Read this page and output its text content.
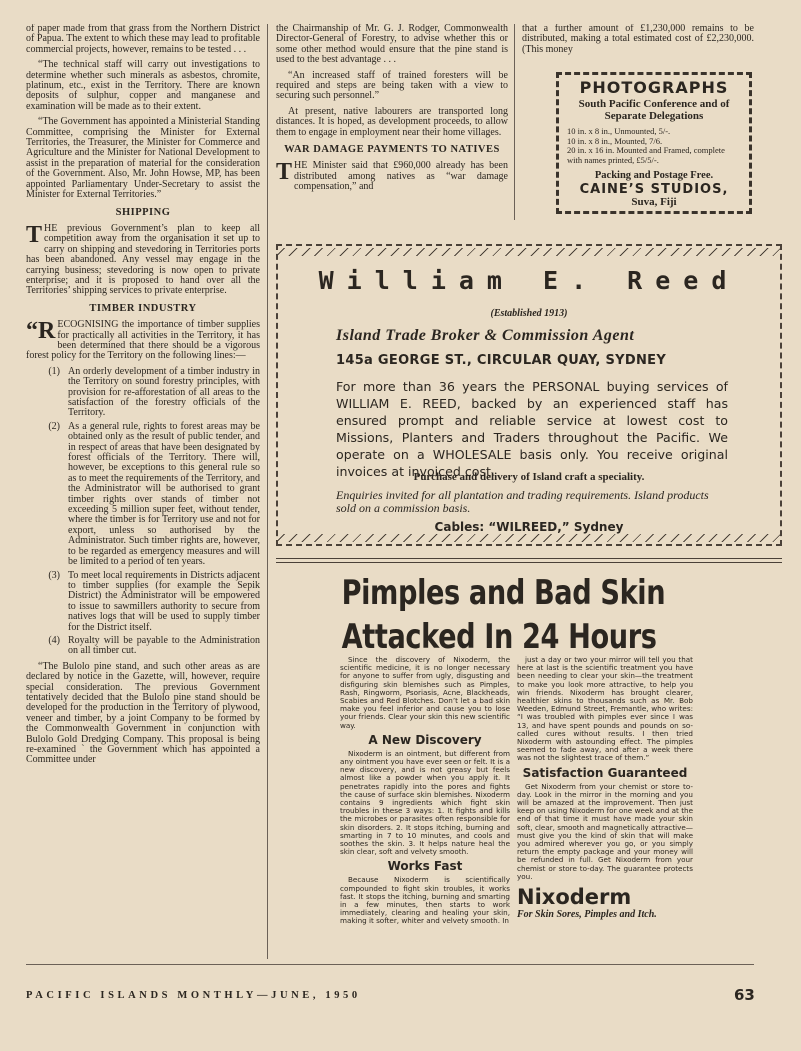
of paper made from that grass from the Northern District of Papua. The extent to which these may lead to profitable commercial projects, however, remains to be tested . . .

“The technical staff will carry out investigations to determine whether such minerals as asbestos, chromite, platinum, etc., exist in the Territory. There are known deposits of sulphur, copper and manganese and examination will be made as to their extent.

“The Government has appointed a Ministerial Standing Committee, comprising the Minister for External Territories, the Treasurer, the Minister for Commerce and Agriculture and the Minister for National Development to assist in the preparation of material for the consideration of the Government. Also, Mr. John Howse, MP, has been appointed Parliamentary Under-Secretary to assist the Minister for External Territories.”

SHIPPING

THE previous Government’s plan to keep all competition away from the organisation it set up to carry on shipping and stevedoring in Territories ports has been abandoned. Any vessel may engage in the carrying business; stevedoring is now open to private enterprise; and it is proposed to hand over all the Territories’ shipping services to private enterprise.

TIMBER INDUSTRY

“RECOGNISING the importance of timber supplies for practically all activities in the Territory, it has been determined that there should be a vigorous forest policy for the Territory on the following lines:—

(1) An orderly development of a timber industry in the Territory on sound forestry principles, with provision for re-afforestation of all areas to the satisfaction of the forestry officials of the Territory.
(2) As a general rule, rights to forest areas may be obtained only as the result of public tender, and in respect of areas that have been designated by forest officials of the Territory. There will, however, be exceptions to this general rule so as to meet the requirements of the Territory, and the Administrator will be authorised to grant timber rights over stands of timber not exceeding 5 million super feet, without tender, where the timber is for Territory use and not for export, unless so authorised by the Administrator. Such timber rights are, however, to be regarded as emergency measures and will be limited to a period of ten years.
(3) To meet local requirements in Districts adjacent to timber supplies (for example the Sepik District) the Administrator will be empowered to issue to sawmillers authority to secure from natives logs that will be used to supply timber for the District itself.
(4) Royalty will be payable to the Administration on all timber cut.

“The Bulolo pine stand, and such other areas as are declared by notice in the Gazette, will, however, require special consideration. The previous Government tentatively decided that the Bulolo pine stand should be developed for the production in the Territory of plywood, veneer and timber, by a joint Company to be formed by the Commonwealth Government in conjunction with Bulolo Gold Dredging Company. This proposal is being re-examined ` the Government which has appointed a Committee under

the Chairmanship of Mr. G. J. Rodger, Commonwealth Director-General of Forestry, to advise whether this or some other method would ensure that the pine stand is used to the best advantage . . .

“An increased staff of trained foresters will be required and steps are being taken with a view to securing such personnel.”

At present, native labourers are transported long distances. It is hoped, as development proceeds, to allow them to engage in employment near their home villages.

WAR DAMAGE PAYMENTS TO NATIVES

THE Minister said that £960,000 already has been distributed among natives as “war damage compensation,” and

that a further amount of £1,230,000 remains to be distributed, making a total estimated cost of £2,230,000. (This money

PHOTOGRAPHS
South Pacific Conference and of Separate Delegations
10 in. x 8 in., Unmounted, 5/-.
10 in. x 8 in., Mounted, 7/6.
20 in. x 16 in. Mounted and Framed, complete with names printed, £5/5/-.
Packing and Postage Free.
CAINE’S STUDIOS,
Suva, Fiji
William E. Reed
(Established 1913)
Island Trade Broker & Commission Agent
145a GEORGE ST., CIRCULAR QUAY, SYDNEY
For more than 36 years the PERSONAL buying services of WILLIAM E. REED, backed by an experienced staff has ensured prompt and reliable service at lowest cost to Missions, Planters and Traders throughout the Pacific. We operate on a WHOLESALE basis only. You receive original invoices at invoiced cost.
Purchase and delivery of Island craft a speciality.
Enquiries invited for all plantation and trading requirements. Island products sold on a commission basis.
Cables: “WILREED,” Sydney
Pimples and Bad Skin
Attacked In 24 Hours

Since the discovery of Nixoderm, the scientific medicine, it is no longer necessary for anyone to suffer from ugly, disgusting and disfiguring skin blemishes such as Pimples, Rash, Ringworm, Psoriasis, Acne, Blackheads, Scabies and Red Blotches. Don’t let a bad skin make you feel inferior and cause you to lose your friends. Clear your skin this new scientific way.

A New Discovery

Nixoderm is an ointment, but different from any ointment you have ever seen or felt. It is a new discovery, and is not greasy but feels almost like a powder when you apply it. It penetrates rapidly into the pores and fights the cause of surface skin blemishes. Nixoderm contains 9 ingredients which fight skin troubles in these 3 ways: 1. It fights and kills the microbes or parasites often responsible for skin disorders. 2. It stops itching, burning and smarting in 7 to 10 minutes, and cools and soothes the skin. 3. It helps nature heal the skin clear, soft and velvety smooth.

Works Fast

Because Nixoderm is scientifically compounded to fight skin troubles, it works fast. It stops the itching, burning and smarting in a few minutes, then starts to work immediately, clearing and healing your skin, making it softer, whiter and velvety smooth. In

just a day or two your mirror will tell you that here at last is the scientific treatment you have been needing to clear your skin—the treatment to make you look more attractive, to help you win friends. Nixoderm has brought clearer, healthier skins to thousands such as Mr. Bob Weeden, Edmund Street, Fremantle, who writes: “I was troubled with pimples ever since I was 13, and have spent pounds and pounds on so-called cures without results. I then tried Nixoderm with astounding effect. The pimples seemed to fade away, and after a week there was not the slightest trace of them.”

Satisfaction Guaranteed

Get Nixoderm from your chemist or store to-day. Look in the mirror in the morning and you will be amazed at the improvement. Then just keep on using Nixoderm for one week and at the end of that time it must have made your skin soft, clear, smooth and magnetically attractive—must give you the kind of skin that will make you admired wherever you go, or you simply return the empty package and your money will be refunded in full. Get Nixoderm from your chemist or store to-day. The guarantee protects you.

Nixoderm
For Skin Sores, Pimples and Itch.
PACIFIC ISLANDS MONTHLY—JUNE, 1950	63
